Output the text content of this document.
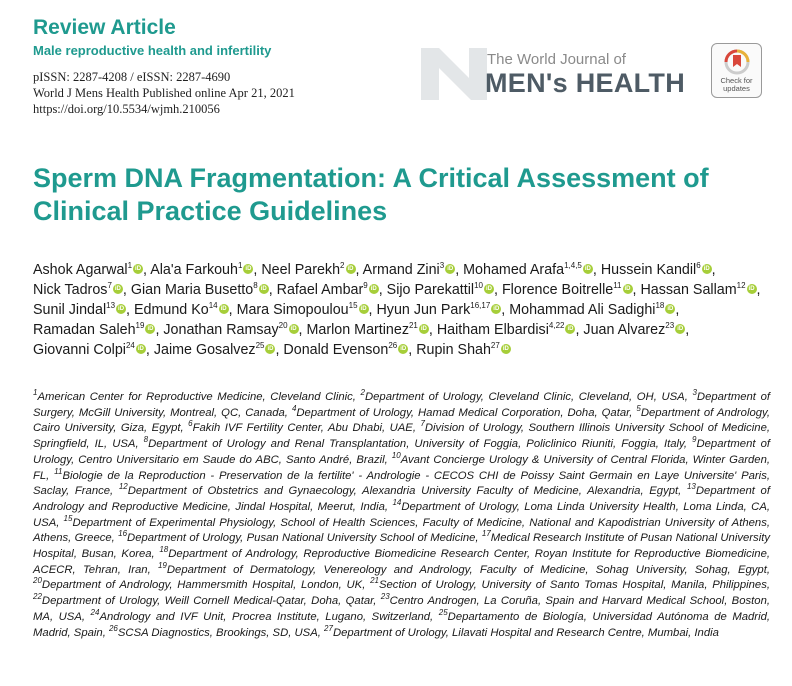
Review Article
Male reproductive health and infertility
pISSN: 2287-4208 / eISSN: 2287-4690
World J Mens Health Published online Apr 21, 2021
https://doi.org/10.5534/wjmh.210056
The World Journal of
MEN's HEALTH	Check for
updates
Sperm DNA Fragmentation: A Critical Assessment of Clinical Practice Guidelines
Ashok Agarwal$^1$ iD , Ala'a Farkouh$^1$ iD , Neel Parekh$^2$ iD , Armand Zini$^3$ iD , Mohamed Arafa$^{1,4,5}$ iD , Hussein Kandil$^6$ iD , Nick Tadros$^7$ iD , Gian Maria Busetto$^8$ iD , Rafael Ambar$^9$ iD , Sijo Parekattil$^{10}$ iD , Florence Boitrelle$^{11}$ iD , Hassan Sallam$^{12}$ iD , Sunil Jindal$^{13}$ iD , Edmund Ko$^{14}$ iD , Mara Simopoulou$^{15}$ iD , Hyun Jun Park$^{16,17}$ iD , Mohammad Ali Sadighi$^{18}$ iD , Ramadan Saleh$^{19}$ iD , Jonathan Ramsay$^{20}$ iD , Marlon Martinez$^{21}$ iD , Haitham Elbardisi$^{4,22}$ iD , Juan Alvarez$^{23}$ iD , Giovanni Colpi$^{24}$ iD , Jaime Gosalvez$^{25}$ iD , Donald Evenson$^{26}$ iD , Rupin Shah$^{27}$ iD
$^1$American Center for Reproductive Medicine, Cleveland Clinic, $^2$Department of Urology, Cleveland Clinic, Cleveland, OH, USA, $^3$Department of Surgery, McGill University, Montreal, QC, Canada, $^4$Department of Urology, Hamad Medical Corporation, Doha, Qatar, $^5$Department of Andrology, Cairo University, Giza, Egypt, $^6$Fakih IVF Fertility Center, Abu Dhabi, UAE, $^7$Division of Urology, Southern Illinois University School of Medicine, Springfield, IL, USA, $^8$Department of Urology and Renal Transplantation, University of Foggia, Policlinico Riuniti, Foggia, Italy, $^9$Department of Urology, Centro Universitario em Saude do ABC, Santo André, Brazil, $^{10}$Avant Concierge Urology & University of Central Florida, Winter Garden, FL, $^{11}$Biologie de la Reproduction - Preservation de la fertilite' - Andrologie - CECOS CHI de Poissy Saint Germain en Laye Universite' Paris, Saclay, France, $^{12}$Department of Obstetrics and Gynaecology, Alexandria University Faculty of Medicine, Alexandria, Egypt, $^{13}$Department of Andrology and Reproductive Medicine, Jindal Hospital, Meerut, India, $^{14}$Department of Urology, Loma Linda University Health, Loma Linda, CA, USA, $^{15}$Department of Experimental Physiology, School of Health Sciences, Faculty of Medicine, National and Kapodistrian University of Athens, Athens, Greece, $^{16}$Department of Urology, Pusan National University School of Medicine, $^{17}$Medical Research Institute of Pusan National University Hospital, Busan, Korea, $^{18}$Department of Andrology, Reproductive Biomedicine Research Center, Royan Institute for Reproductive Biomedicine, ACECR, Tehran, Iran, $^{19}$Department of Dermatology, Venereology and Andrology, Faculty of Medicine, Sohag University, Sohag, Egypt, $^{20}$Department of Andrology, Hammersmith Hospital, London, UK, $^{21}$Section of Urology, University of Santo Tomas Hospital, Manila, Philippines, $^{22}$Department of Urology, Weill Cornell Medical-Qatar, Doha, Qatar, $^{23}$Centro Androgen, La Coruña, Spain and Harvard Medical School, Boston, MA, USA, $^{24}$Andrology and IVF Unit, Procrea Institute, Lugano, Switzerland, $^{25}$Departamento de Biología, Universidad Autónoma de Madrid, Madrid, Spain, $^{26}$SCSA Diagnostics, Brookings, SD, USA, $^{27}$Department of Urology, Lilavati Hospital and Research Centre, Mumbai, India
